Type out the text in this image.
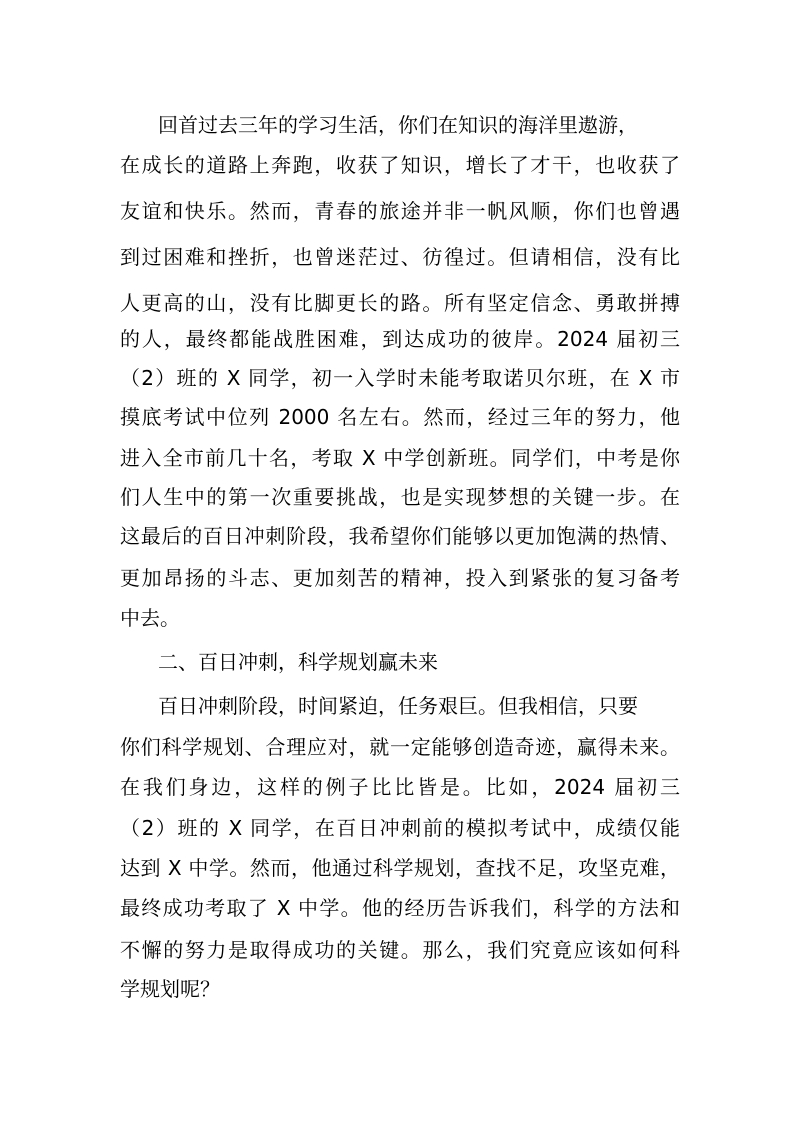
回首过去三年的学习生活，你们在知识的海洋里遨游，
在成长的道路上奔跑，收获了知识，增长了才干，也收获了
友谊和快乐。然而，青春的旅途并非一帆风顺，你们也曾遇
到过困难和挫折，也曾迷茫过、彷徨过。但请相信，没有比
人更高的山，没有比脚更长的路。所有坚定信念、勇敢拼搏
的人，最终都能战胜困难，到达成功的彼岸。2024 届初三
（2）班的 X 同学，初一入学时未能考取诺贝尔班，在 X 市
摸底考试中位列 2000 名左右。然而，经过三年的努力，他
进入全市前几十名，考取 X 中学创新班。同学们，中考是你
们人生中的第一次重要挑战，也是实现梦想的关键一步。在
这最后的百日冲刺阶段，我希望你们能够以更加饱满的热情、
更加昂扬的斗志、更加刻苦的精神，投入到紧张的复习备考
中去。
二、百日冲刺，科学规划赢未来
百日冲刺阶段，时间紧迫，任务艰巨。但我相信，只要
你们科学规划、合理应对，就一定能够创造奇迹，赢得未来。
在我们身边，这样的例子比比皆是。比如，2024 届初三
（2）班的 X 同学，在百日冲刺前的模拟考试中，成绩仅能
达到 X 中学。然而，他通过科学规划，查找不足，攻坚克难，
最终成功考取了 X 中学。他的经历告诉我们，科学的方法和
不懈的努力是取得成功的关键。那么，我们究竟应该如何科
学规划呢？
